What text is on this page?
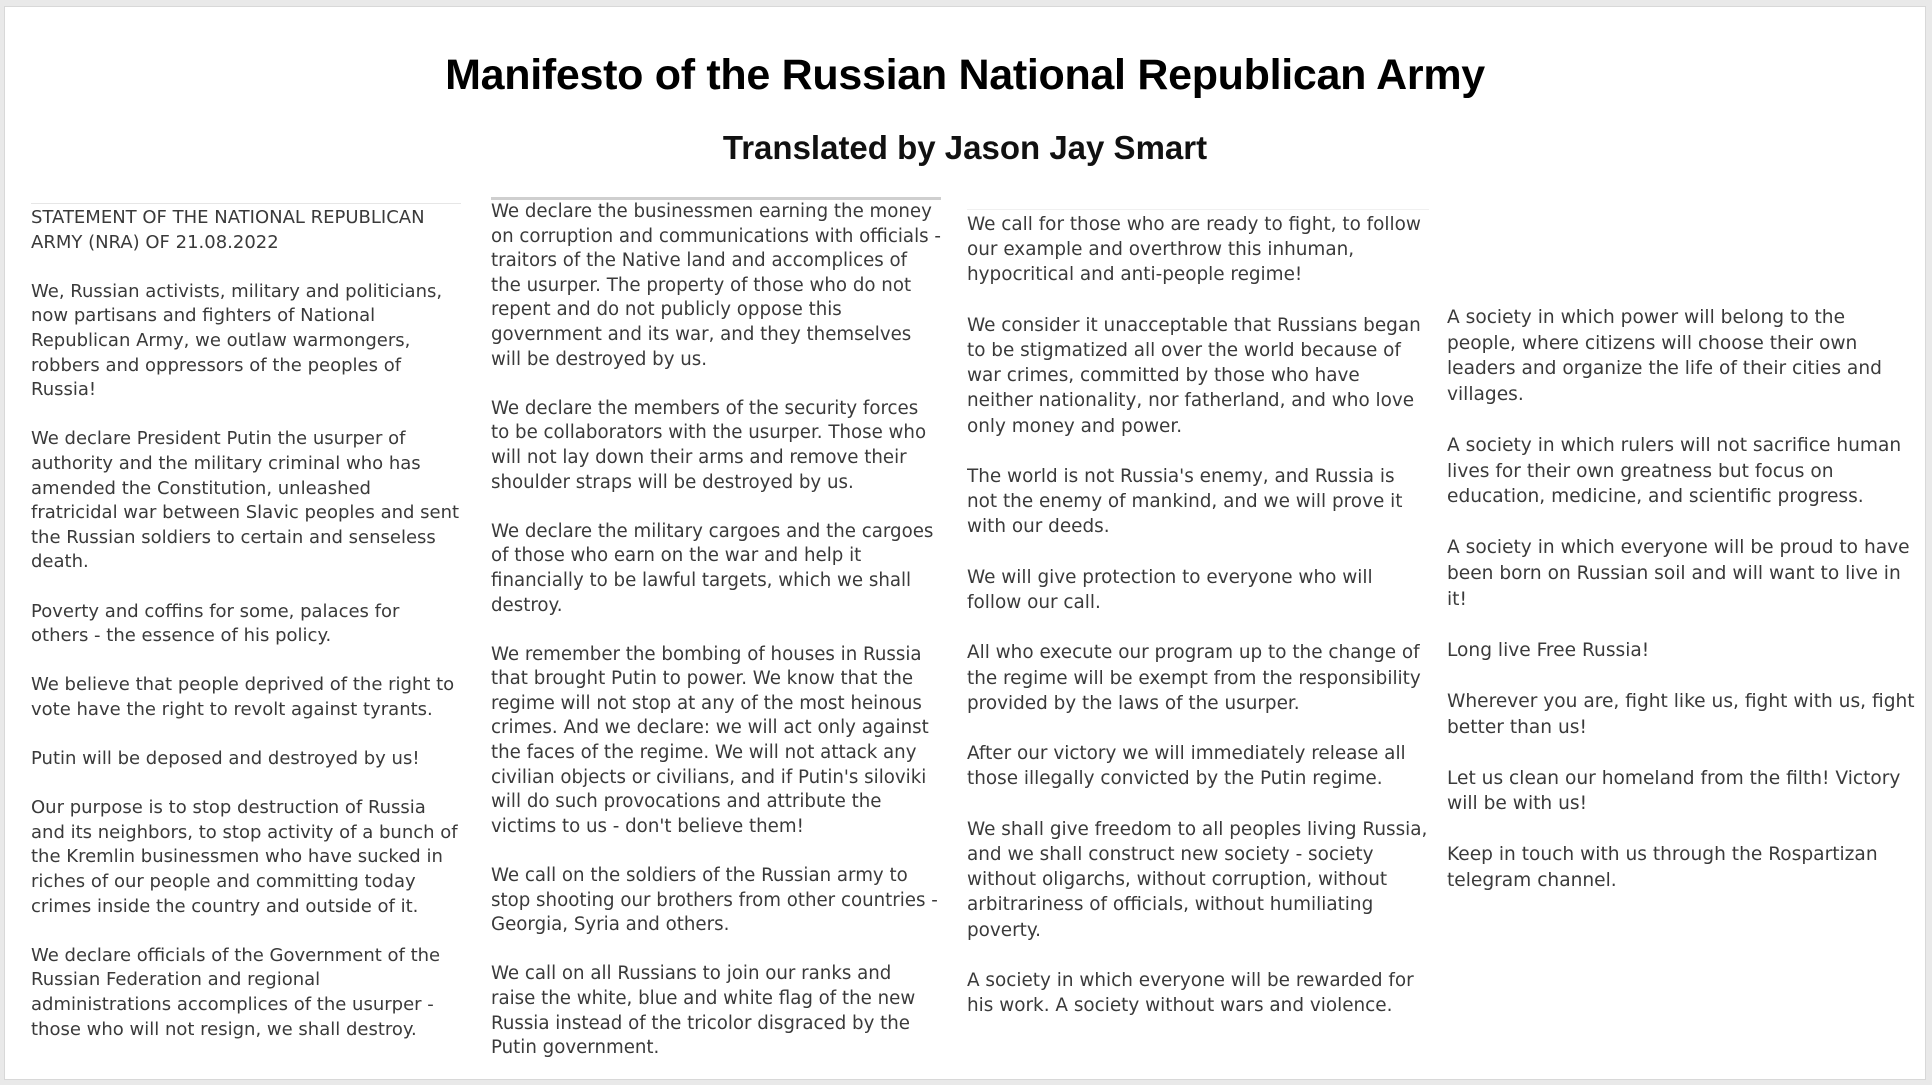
Manifesto of the Russian National Republican Army
Translated by Jason Jay Smart

STATEMENT OF THE NATIONAL REPUBLICAN ARMY (NRA) OF 21.08.2022

We, Russian activists, military and politicians, now partisans and fighters of National Republican Army, we outlaw warmongers, robbers and oppressors of the peoples of Russia!

We declare President Putin the usurper of authority and the military criminal who has amended the Constitution, unleashed fratricidal war between Slavic peoples and sent the Russian soldiers to certain and senseless death.

Poverty and coffins for some, palaces for others - the essence of his policy.

We believe that people deprived of the right to vote have the right to revolt against tyrants.

Putin will be deposed and destroyed by us!

Our purpose is to stop destruction of Russia and its neighbors, to stop activity of a bunch of the Kremlin businessmen who have sucked in riches of our people and committing today crimes inside the country and outside of it.

We declare officials of the Government of the Russian Federation and regional administrations accomplices of the usurper - those who will not resign, we shall destroy.

We declare the businessmen earning the money on corruption and communications with officials - traitors of the Native land and accomplices of the usurper. The property of those who do not repent and do not publicly oppose this government and its war, and they themselves will be destroyed by us.

We declare the members of the security forces to be collaborators with the usurper. Those who will not lay down their arms and remove their shoulder straps will be destroyed by us.

We declare the military cargoes and the cargoes of those who earn on the war and help it financially to be lawful targets, which we shall destroy.

We remember the bombing of houses in Russia that brought Putin to power. We know that the regime will not stop at any of the most heinous crimes. And we declare: we will act only against the faces of the regime. We will not attack any civilian objects or civilians, and if Putin's siloviki will do such provocations and attribute the victims to us - don't believe them!

We call on the soldiers of the Russian army to stop shooting our brothers from other countries - Georgia, Syria and others.

We call on all Russians to join our ranks and raise the white, blue and white flag of the new Russia instead of the tricolor disgraced by the Putin government.

We call for those who are ready to fight, to follow our example and overthrow this inhuman, hypocritical and anti-people regime!

We consider it unacceptable that Russians began to be stigmatized all over the world because of war crimes, committed by those who have neither nationality, nor fatherland, and who love only money and power.

The world is not Russia's enemy, and Russia is not the enemy of mankind, and we will prove it with our deeds.

We will give protection to everyone who will follow our call.

All who execute our program up to the change of the regime will be exempt from the responsibility provided by the laws of the usurper.

After our victory we will immediately release all those illegally convicted by the Putin regime.

We shall give freedom to all peoples living Russia, and we shall construct new society - society without oligarchs, without corruption, without arbitrariness of officials, without humiliating poverty.

A society in which everyone will be rewarded for his work. A society without wars and violence.

A society in which power will belong to the people, where citizens will choose their own leaders and organize the life of their cities and villages.

A society in which rulers will not sacrifice human lives for their own greatness but focus on education, medicine, and scientific progress.

A society in which everyone will be proud to have been born on Russian soil and will want to live in it!

Long live Free Russia!

Wherever you are, fight like us, fight with us, fight better than us!

Let us clean our homeland from the filth! Victory will be with us!

Keep in touch with us through the Rospartizan telegram channel.
